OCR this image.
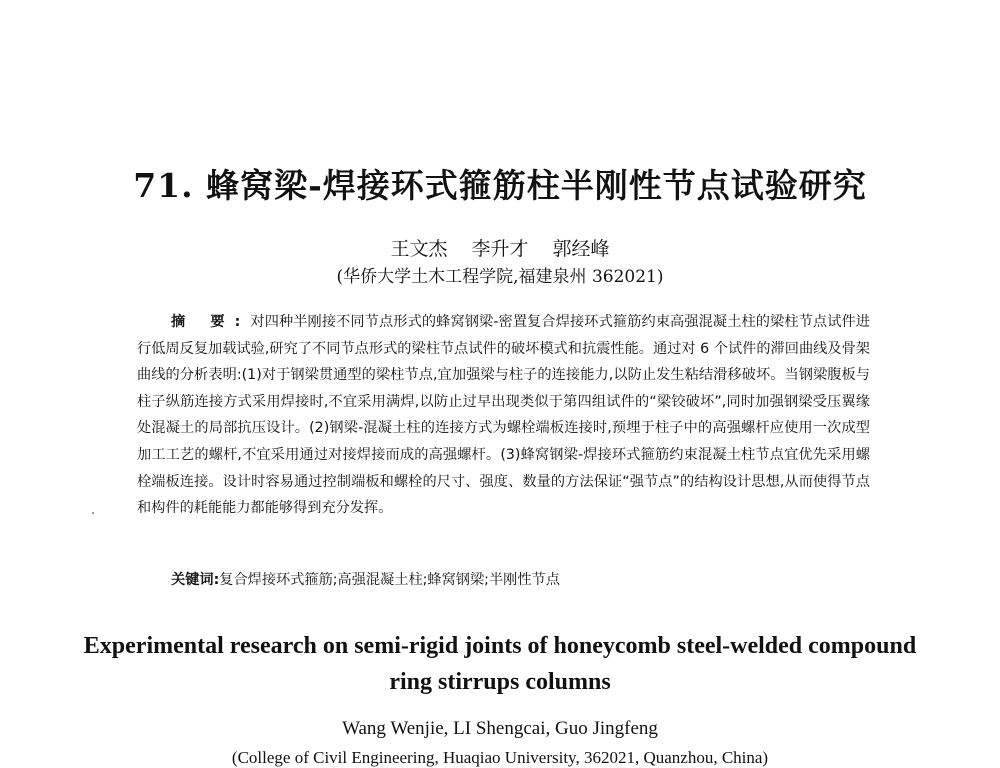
71. 蜂窝梁-焊接环式箍筋柱半刚性节点试验研究
王文杰 李升才 郭经峰
(华侨大学土木工程学院,福建泉州 362021)

摘 要:对四种半刚接不同节点形式的蜂窝钢梁-密置复合焊接环式箍筋约束高强混凝土柱的梁柱节点试件进行低周反复加载试验,研究了不同节点形式的梁柱节点试件的破坏模式和抗震性能。通过对 6 个试件的滞回曲线及骨架曲线的分析表明:(1)对于钢梁贯通型的梁柱节点,宜加强梁与柱子的连接能力,以防止发生粘结滑移破坏。当钢梁腹板与柱子纵筋连接方式采用焊接时,不宜采用满焊,以防止过早出现类似于第四组试件的“梁铰破坏”,同时加强钢梁受压翼缘处混凝土的局部抗压设计。(2)钢梁-混凝土柱的连接方式为螺栓端板连接时,预埋于柱子中的高强螺杆应使用一次成型加工工艺的螺杆,不宜采用通过对接焊接而成的高强螺杆。(3)蜂窝钢梁-焊接环式箍筋约束混凝土柱节点宜优先采用螺栓端板连接。设计时容易通过控制端板和螺栓的尺寸、强度、数量的方法保证“强节点”的结构设计思想,从而使得节点和构件的耗能能力都能够得到充分发挥。

关键词:复合焊接环式箍筋;高强混凝土柱;蜂窝钢梁;半刚性节点
Experimental research on semi-rigid joints of honeycomb steel-welded compound ring stirrups columns
Wang Wenjie, LI Shengcai, Guo Jingfeng
(College of Civil Engineering, Huaqiao University, 362021, Quanzhou, China)
